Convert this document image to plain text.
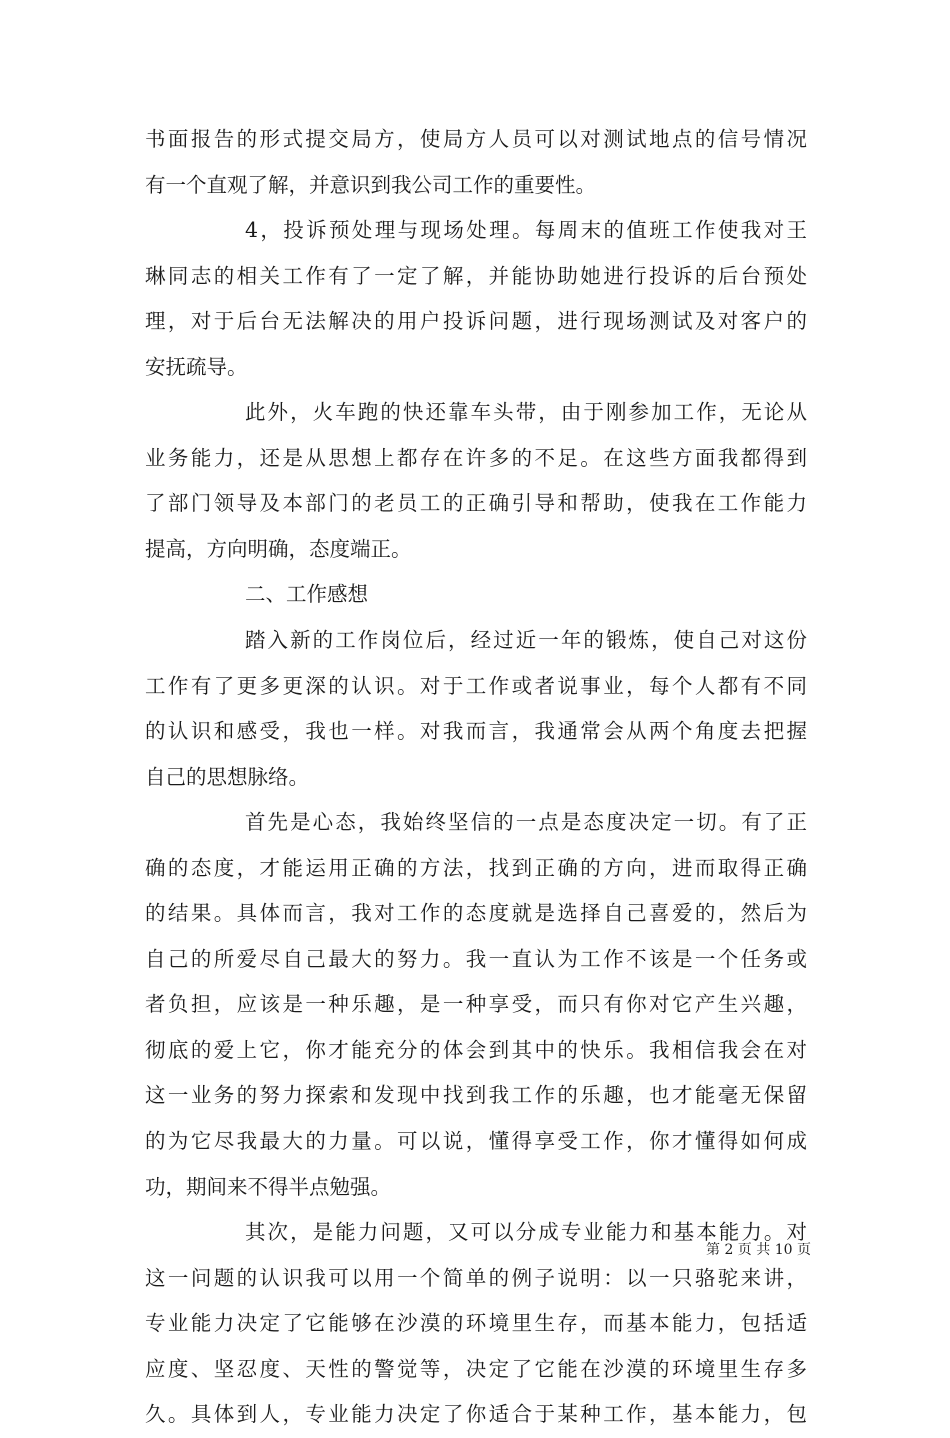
书面报告的形式提交局方，使局方人员可以对测试地点的信号情况
有一个直观了解，并意识到我公司工作的重要性。
4，投诉预处理与现场处理。每周末的值班工作使我对王
琳同志的相关工作有了一定了解，并能协助她进行投诉的后台预处
理，对于后台无法解决的用户投诉问题，进行现场测试及对客户的
安抚疏导。
此外，火车跑的快还靠车头带，由于刚参加工作，无论从
业务能力，还是从思想上都存在许多的不足。在这些方面我都得到
了部门领导及本部门的老员工的正确引导和帮助，使我在工作能力
提高，方向明确，态度端正。
二、工作感想
踏入新的工作岗位后，经过近一年的锻炼，使自己对这份
工作有了更多更深的认识。对于工作或者说事业，每个人都有不同
的认识和感受，我也一样。对我而言，我通常会从两个角度去把握
自己的思想脉络。
首先是心态，我始终坚信的一点是态度决定一切。有了正
确的态度，才能运用正确的方法，找到正确的方向，进而取得正确
的结果。具体而言，我对工作的态度就是选择自己喜爱的，然后为
自己的所爱尽自己最大的努力。我一直认为工作不该是一个任务或
者负担，应该是一种乐趣，是一种享受，而只有你对它产生兴趣，
彻底的爱上它，你才能充分的体会到其中的快乐。我相信我会在对
这一业务的努力探索和发现中找到我工作的乐趣，也才能毫无保留
的为它尽我最大的力量。可以说，懂得享受工作，你才懂得如何成
功，期间来不得半点勉强。
其次，是能力问题，又可以分成专业能力和基本能力。对
这一问题的认识我可以用一个简单的例子说明：以一只骆驼来讲，
专业能力决定了它能够在沙漠的环境里生存，而基本能力，包括适
应度、坚忍度、天性的警觉等，决定了它能在沙漠的环境里生存多
久。具体到人，专业能力决定了你适合于某种工作，基本能力，包
第 2 页 共 10 页
